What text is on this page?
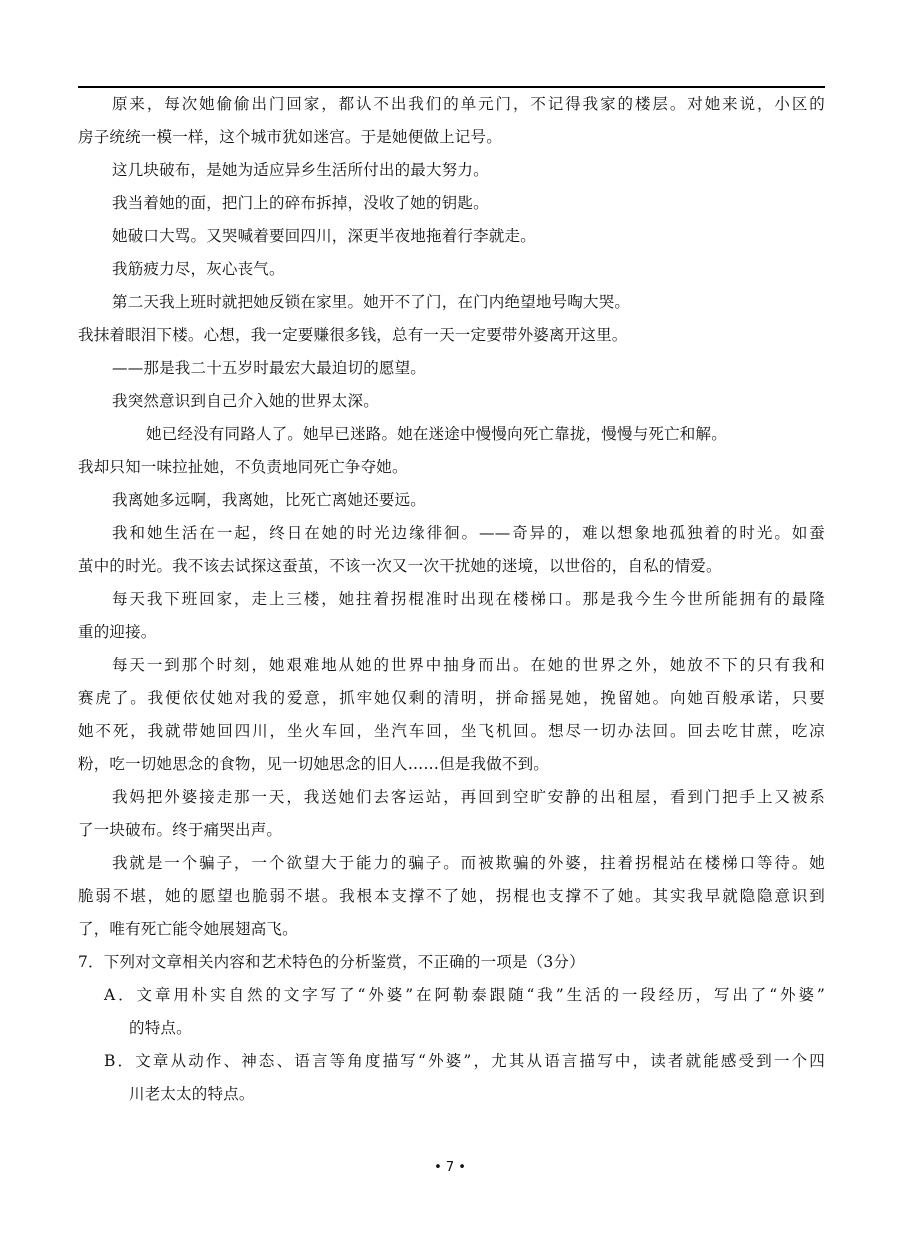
原来，每次她偷偷出门回家，都认不出我们的单元门，不记得我家的楼层。对她来说，小区的
房子统统一模一样，这个城市犹如迷宫。于是她便做上记号。
这几块破布，是她为适应异乡生活所付出的最大努力。
我当着她的面，把门上的碎布拆掉，没收了她的钥匙。
她破口大骂。又哭喊着要回四川，深更半夜地拖着行李就走。
我筋疲力尽，灰心丧气。
第二天我上班时就把她反锁在家里。她开不了门，在门内绝望地号啕大哭。
我抹着眼泪下楼。心想，我一定要赚很多钱，总有一天一定要带外婆离开这里。
——那是我二十五岁时最宏大最迫切的愿望。
我突然意识到自己介入她的世界太深。
她已经没有同路人了。她早已迷路。她在迷途中慢慢向死亡靠拢，慢慢与死亡和解。
我却只知一味拉扯她，不负责地同死亡争夺她。
我离她多远啊，我离她，比死亡离她还要远。
我和她生活在一起，终日在她的时光边缘徘徊。——奇异的，难以想象地孤独着的时光。如蚕
茧中的时光。我不该去试探这蚕茧，不该一次又一次干扰她的迷境，以世俗的，自私的情爱。
每天我下班回家，走上三楼，她拄着拐棍准时出现在楼梯口。那是我今生今世所能拥有的最隆
重的迎接。
每天一到那个时刻，她艰难地从她的世界中抽身而出。在她的世界之外，她放不下的只有我和
赛虎了。我便依仗她对我的爱意，抓牢她仅剩的清明，拼命摇晃她，挽留她。向她百般承诺，只要
她不死，我就带她回四川，坐火车回，坐汽车回，坐飞机回。想尽一切办法回。回去吃甘蔗，吃凉
粉，吃一切她思念的食物，见一切她思念的旧人……但是我做不到。
我妈把外婆接走那一天，我送她们去客运站，再回到空旷安静的出租屋，看到门把手上又被系
了一块破布。终于痛哭出声。
我就是一个骗子，一个欲望大于能力的骗子。而被欺骗的外婆，拄着拐棍站在楼梯口等待。她
脆弱不堪，她的愿望也脆弱不堪。我根本支撑不了她，拐棍也支撑不了她。其实我早就隐隐意识到
了，唯有死亡能令她展翅高飞。
7．下列对文章相关内容和艺术特色的分析鉴赏，不正确的一项是（3分）
A．文章用朴实自然的文字写了“外婆”在阿勒泰跟随“我”生活的一段经历，写出了“外婆”
的特点。
B．文章从动作、神态、语言等角度描写“外婆”，尤其从语言描写中，读者就能感受到一个四
川老太太的特点。
• 7 •
